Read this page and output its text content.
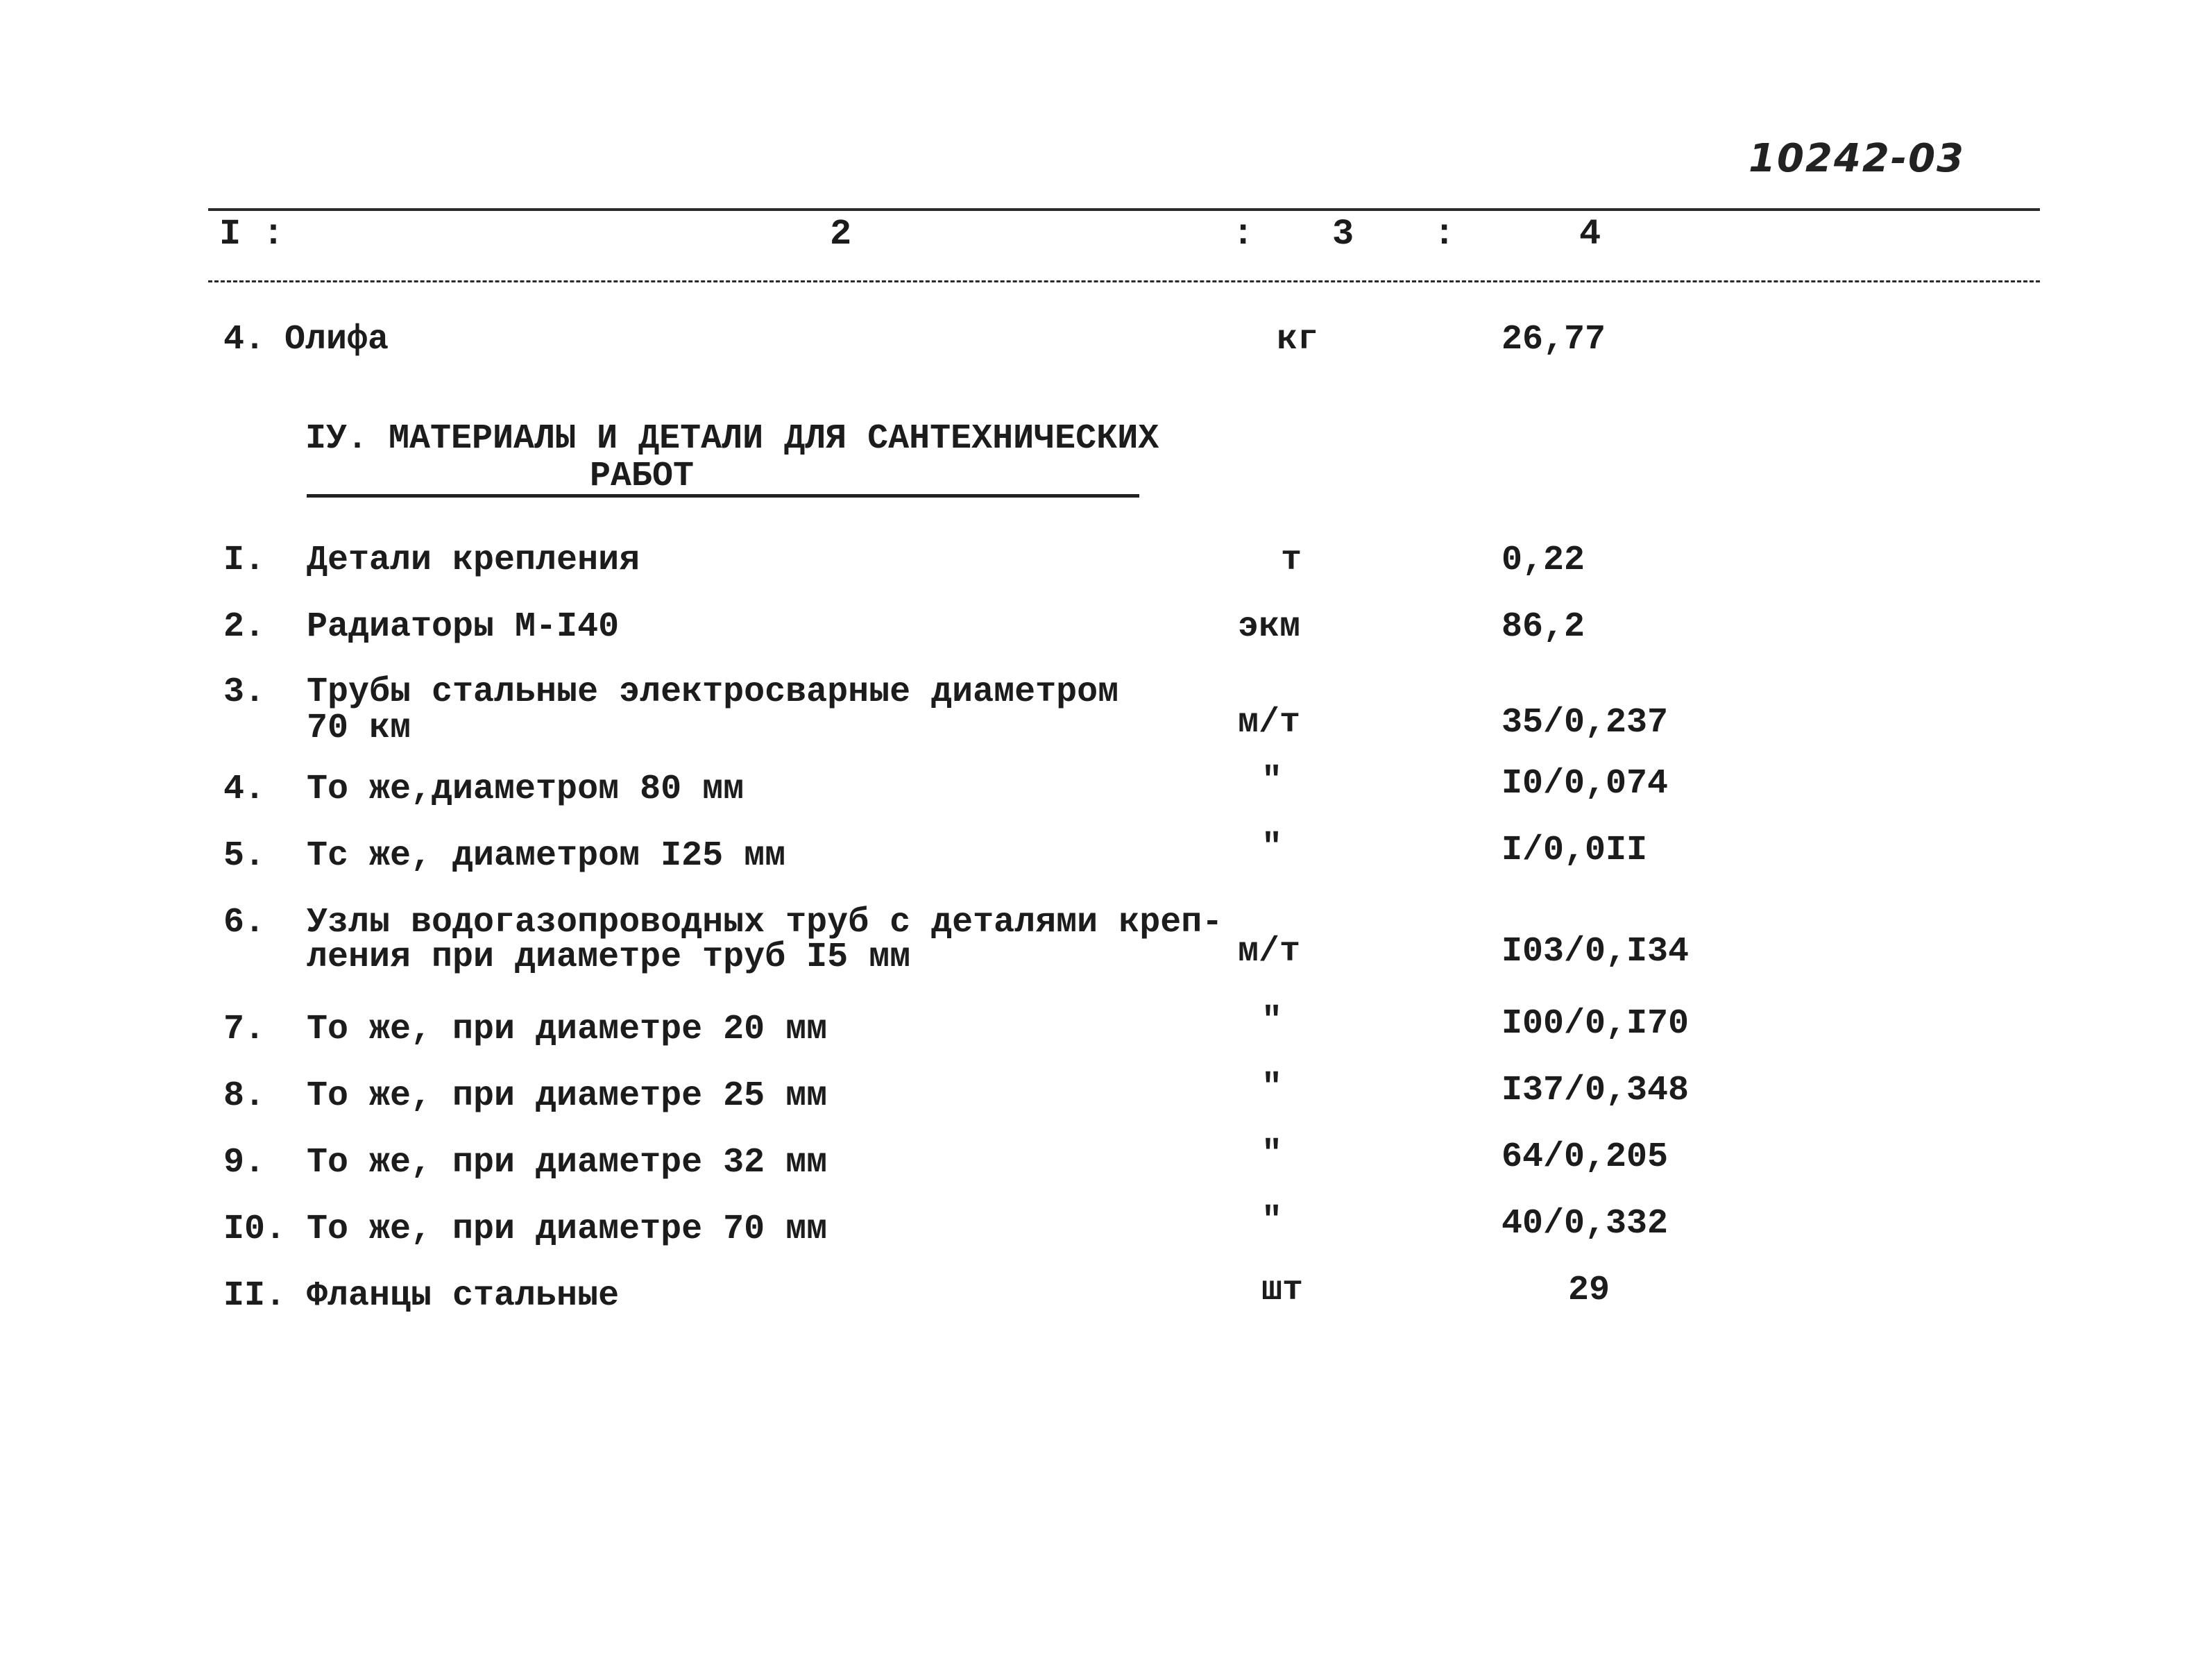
10242-03
I :	2	: 3 :	4
4. Олифа	кг	26,77
IУ. МАТЕРИАЛЫ И ДЕТАЛИ ДЛЯ САНТЕХНИЧЕСКИХ
РАБОТ
I. Детали крепления	т	0,22
2. Радиаторы М-I40	экм	86,2
3. Трубы стальные электросварные диаметром
70 км	м/т	35/0,237
4. То же,диаметром 80 мм	"	I0/0,074
5. Тс же, диаметром I25 мм	"	I/0,0II
6. Узлы водогазопроводных труб с деталями креп-
ления при диаметре труб I5 мм	м/т	I03/0,I34
7. То же, при диаметре 20 мм	"	I00/0,I70
8. То же, при диаметре 25 мм	"	I37/0,348
9. То же, при диаметре 32 мм	"	64/0,205
I0. То же, при диаметре 70 мм	"	40/0,332
II. Фланцы стальные	шт	29
